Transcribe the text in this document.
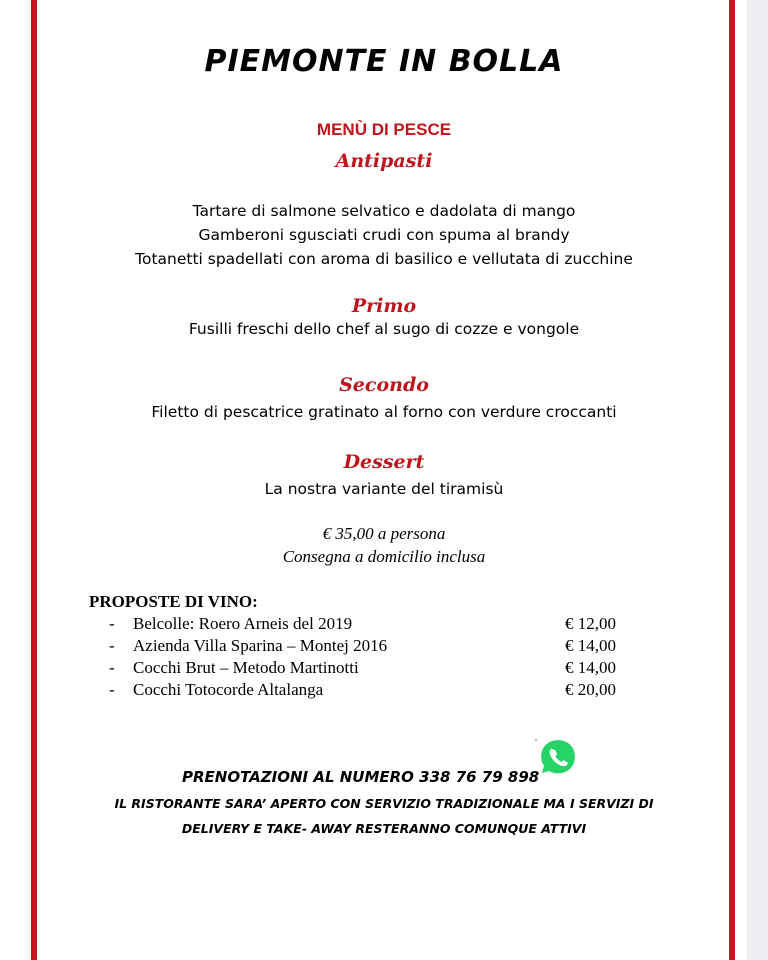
PIEMONTE IN BOLLA
MENÙ DI PESCE
Antipasti
Tartare di salmone selvatico e dadolata di mango
Gamberoni sgusciati crudi con spuma al brandy
Totanetti spadellati con aroma di basilico e vellutata di zucchine
Primo
Fusilli freschi dello chef al sugo di cozze e vongole
Secondo
Filetto di pescatrice gratinato al forno con verdure croccanti
Dessert
La nostra variante del tiramisù
€ 35,00 a persona
Consegna a domicilio inclusa
PROPOSTE DI VINO:
- Belcolle: Roero Arneis del 2019	€ 12,00
- Azienda Villa Sparina – Montej 2016	€ 14,00
- Cocchi Brut – Metodo Martinotti	€ 14,00
- Cocchi Totocorde Altalanga	€ 20,00
PRENOTAZIONI AL NUMERO 338 76 79 898
IL RISTORANTE SARA’ APERTO CON SERVIZIO TRADIZIONALE MA I SERVIZI DI
DELIVERY E TAKE- AWAY RESTERANNO COMUNQUE ATTIVI
